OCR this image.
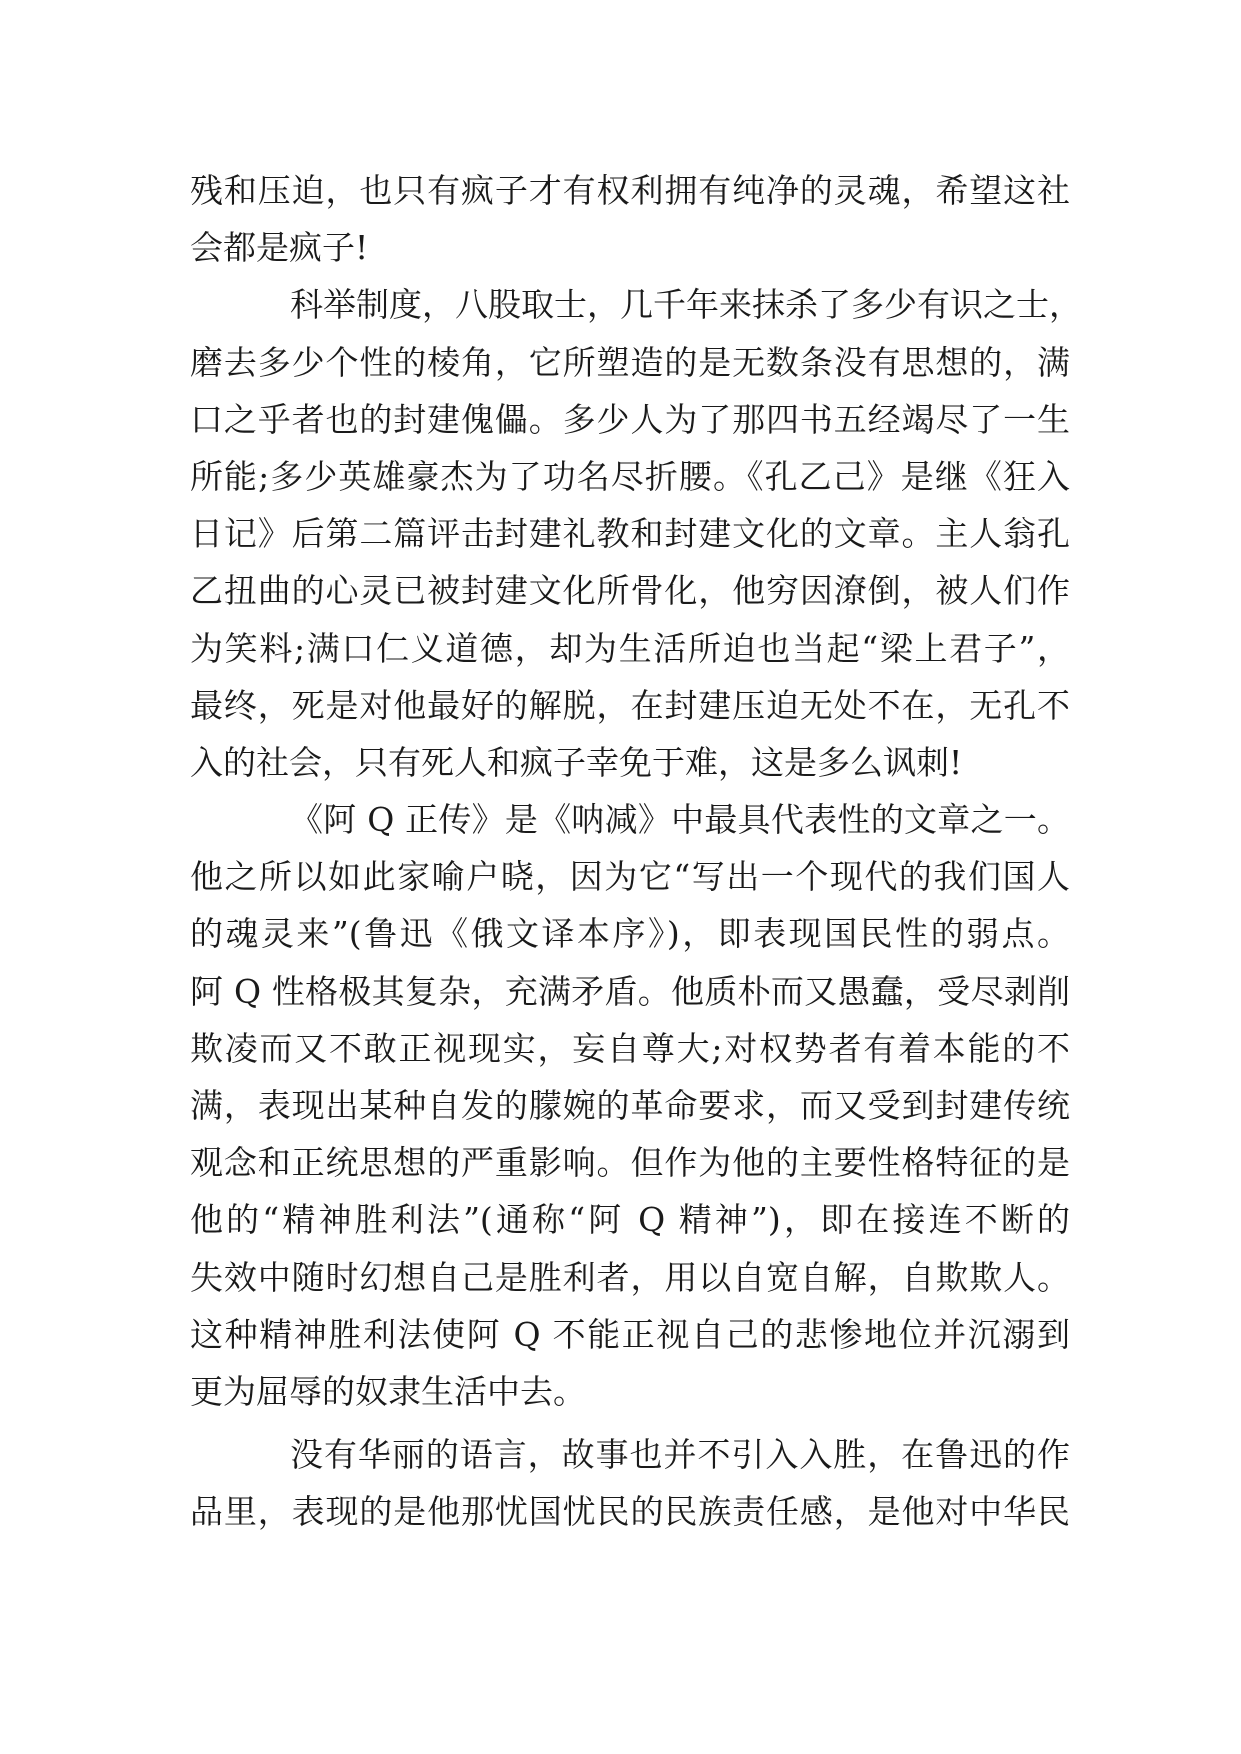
残和压迫，也只有疯子才有权利拥有纯净的灵魂，希望这社
会都是疯子!
科举制度，八股取士，几千年来抹杀了多少有识之士，
磨去多少个性的棱角，它所塑造的是无数条没有思想的，满
口之乎者也的封建傀儡。多少人为了那四书五经竭尽了一生
所能;多少英雄豪杰为了功名尽折腰。《孔乙己》是继《狂入
日记》后第二篇评击封建礼教和封建文化的文章。主人翁孔
乙扭曲的心灵已被封建文化所骨化，他穷因潦倒，被人们作
为笑料;满口仁义道德，却为生活所迫也当起“梁上君子”，
最终，死是对他最好的解脱，在封建压迫无处不在，无孔不
入的社会，只有死人和疯子幸免于难，这是多么讽刺!
《阿 Q 正传》是《呐减》中最具代表性的文章之一。
他之所以如此家喻户晓，因为它“写出一个现代的我们国人
的魂灵来”(鲁迅《俄文译本序》)，即表现国民性的弱点。
阿 Q 性格极其复杂，充满矛盾。他质朴而又愚蠢，受尽剥削
欺凌而又不敢正视现实，妄自尊大;对权势者有着本能的不
满，表现出某种自发的朦婉的革命要求，而又受到封建传统
观念和正统思想的严重影响。但作为他的主要性格特征的是
他的“精神胜利法”(通称“阿 Q 精神”)，即在接连不断的
失效中随时幻想自己是胜利者，用以自宽自解，自欺欺人。
这种精神胜利法使阿 Q 不能正视自己的悲惨地位并沉溺到
更为屈辱的奴隶生活中去。
没有华丽的语言，故事也并不引入入胜，在鲁迅的作
品里，表现的是他那忧国忧民的民族责任感，是他对中华民
